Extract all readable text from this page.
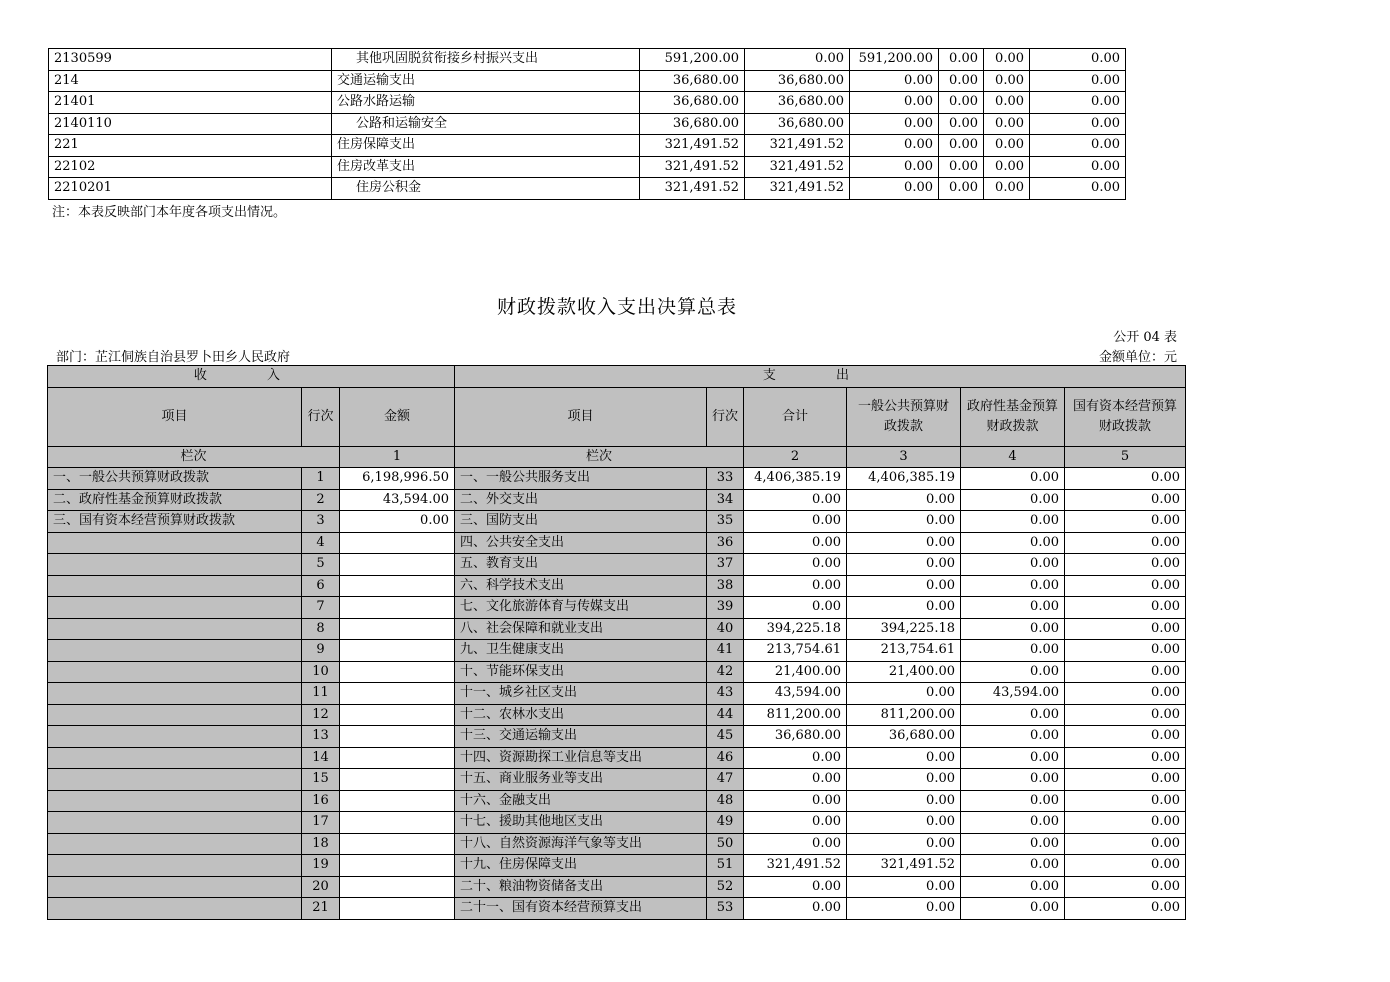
2130599	其他巩固脱贫衔接乡村振兴支出	591,200.00	0.00	591,200.00	0.00	0.00	0.00
214	交通运输支出	36,680.00	36,680.00	0.00	0.00	0.00	0.00
21401	公路水路运输	36,680.00	36,680.00	0.00	0.00	0.00	0.00
2140110	公路和运输安全	36,680.00	36,680.00	0.00	0.00	0.00	0.00
221	住房保障支出	321,491.52	321,491.52	0.00	0.00	0.00	0.00
22102	住房改革支出	321,491.52	321,491.52	0.00	0.00	0.00	0.00
2210201	住房公积金	321,491.52	321,491.52	0.00	0.00	0.00	0.00
注：本表反映部门本年度各项支出情况。
财政拨款收入支出决算总表
公开 04 表
部门：芷江侗族自治县罗卜田乡人民政府	金额单位：元
收 入			支 出					
项目	行次	金额	项目	行次	合计	一般公共预算财政拨款	政府性基金预算财政拨款	国有资本经营预算财政拨款
栏次		1	栏次		2	3	4	5
一、一般公共预算财政拨款	1	6,198,996.50	一、一般公共服务支出	33	4,406,385.19	4,406,385.19	0.00	0.00
二、政府性基金预算财政拨款	2	43,594.00	二、外交支出	34	0.00	0.00	0.00	0.00
三、国有资本经营预算财政拨款	3	0.00	三、国防支出	35	0.00	0.00	0.00	0.00
	4		四、公共安全支出	36	0.00	0.00	0.00	0.00
	5		五、教育支出	37	0.00	0.00	0.00	0.00
	6		六、科学技术支出	38	0.00	0.00	0.00	0.00
	7		七、文化旅游体育与传媒支出	39	0.00	0.00	0.00	0.00
	8		八、社会保障和就业支出	40	394,225.18	394,225.18	0.00	0.00
	9		九、卫生健康支出	41	213,754.61	213,754.61	0.00	0.00
	10		十、节能环保支出	42	21,400.00	21,400.00	0.00	0.00
	11		十一、城乡社区支出	43	43,594.00	0.00	43,594.00	0.00
	12		十二、农林水支出	44	811,200.00	811,200.00	0.00	0.00
	13		十三、交通运输支出	45	36,680.00	36,680.00	0.00	0.00
	14		十四、资源勘探工业信息等支出	46	0.00	0.00	0.00	0.00
	15		十五、商业服务业等支出	47	0.00	0.00	0.00	0.00
	16		十六、金融支出	48	0.00	0.00	0.00	0.00
	17		十七、援助其他地区支出	49	0.00	0.00	0.00	0.00
	18		十八、自然资源海洋气象等支出	50	0.00	0.00	0.00	0.00
	19		十九、住房保障支出	51	321,491.52	321,491.52	0.00	0.00
	20		二十、粮油物资储备支出	52	0.00	0.00	0.00	0.00
	21		二十一、国有资本经营预算支出	53	0.00	0.00	0.00	0.00
